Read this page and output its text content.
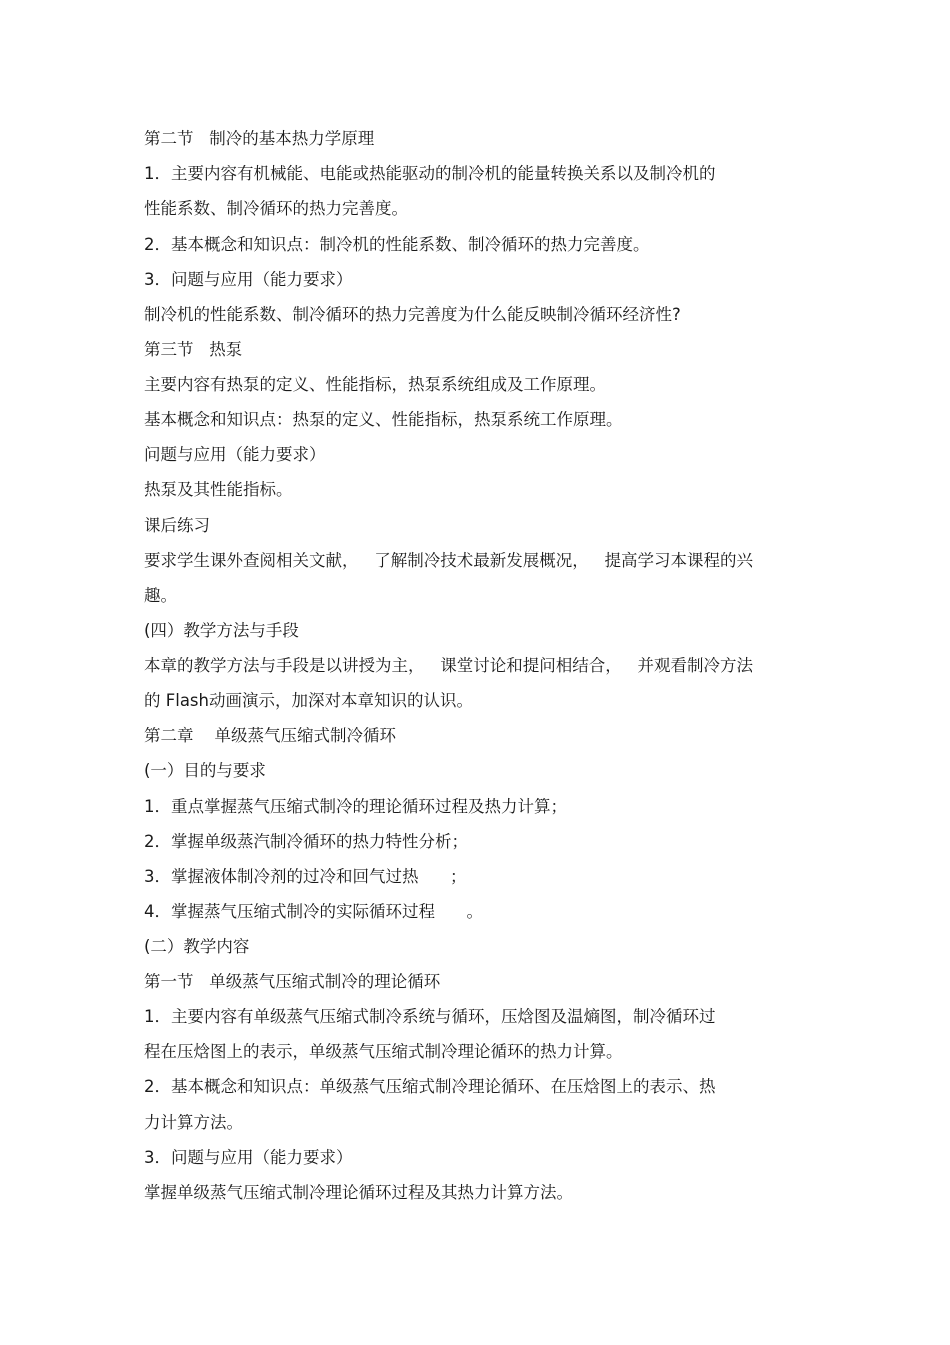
第二节   制冷的基本热力学原理
1．主要内容有机械能、电能或热能驱动的制冷机的能量转换关系以及制冷机的
性能系数、制冷循环的热力完善度。
2．基本概念和知识点：制冷机的性能系数、制冷循环的热力完善度。
3．问题与应用（能力要求）
制冷机的性能系数、制冷循环的热力完善度为什么能反映制冷循环经济性?
第三节   热泵
主要内容有热泵的定义、性能指标，热泵系统组成及工作原理。
基本概念和知识点：热泵的定义、性能指标，热泵系统工作原理。
问题与应用（能力要求）
热泵及其性能指标。
课后练习
要求学生课外查阅相关文献，   了解制冷技术最新发展概况，   提高学习本课程的兴
趣。
(四）教学方法与手段
本章的教学方法与手段是以讲授为主，   课堂讨论和提问相结合，   并观看制冷方法
的 Flash动画演示，加深对本章知识的认识。
第二章    单级蒸气压缩式制冷循环
(一）目的与要求
1．重点掌握蒸气压缩式制冷的理论循环过程及热力计算；
2．掌握单级蒸汽制冷循环的热力特性分析；
3．掌握液体制冷剂的过冷和回气过热      ；
4．掌握蒸气压缩式制冷的实际循环过程      。
(二）教学内容
第一节   单级蒸气压缩式制冷的理论循环
1．主要内容有单级蒸气压缩式制冷系统与循环，压焓图及温熵图，制冷循环过
程在压焓图上的表示，单级蒸气压缩式制冷理论循环的热力计算。
2．基本概念和知识点：单级蒸气压缩式制冷理论循环、在压焓图上的表示、热
力计算方法。
3．问题与应用（能力要求）
掌握单级蒸气压缩式制冷理论循环过程及其热力计算方法。
